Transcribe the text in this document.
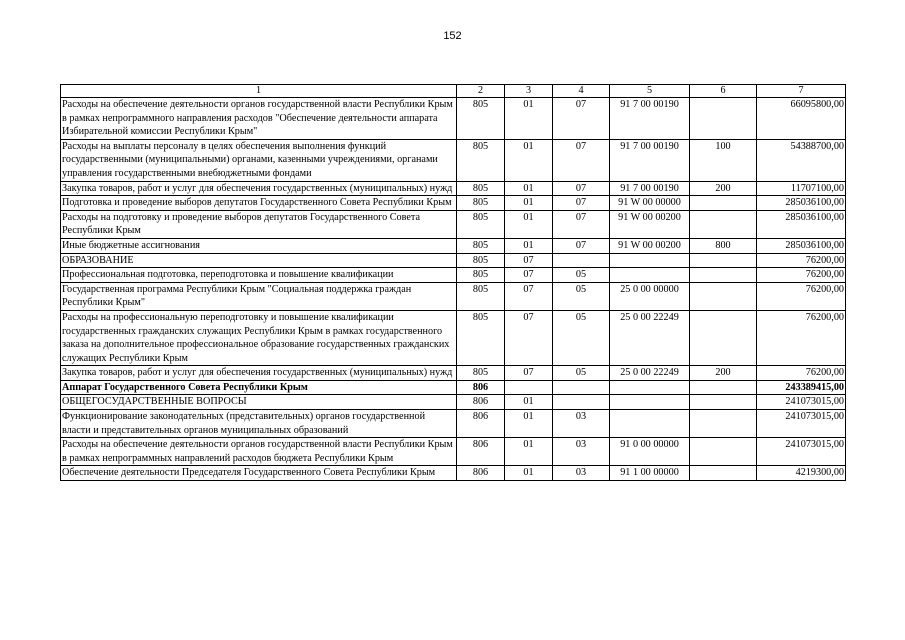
152
1	2	3	4	5	6	7
Расходы на обеспечение деятельности органов государственной власти Республики Крым в рамках непрограммного направления расходов "Обеспечение деятельности аппарата Избирательной комиссии Республики Крым"	805	01	07	91 7 00 00190		66095800,00
Расходы на выплаты персоналу в целях обеспечения выполнения функций государственными (муниципальными) органами, казенными учреждениями, органами управления государственными внебюджетными фондами	805	01	07	91 7 00 00190	100	54388700,00
Закупка товаров, работ и услуг для обеспечения государственных (муниципальных) нужд	805	01	07	91 7 00 00190	200	11707100,00
Подготовка и проведение выборов депутатов Государственного Совета Республики Крым	805	01	07	91 W 00 00000		285036100,00
Расходы на подготовку и проведение выборов депутатов Государственного Совета Республики Крым	805	01	07	91 W 00 00200		285036100,00
Иные бюджетные ассигнования	805	01	07	91 W 00 00200	800	285036100,00
ОБРАЗОВАНИЕ	805	07				76200,00
Профессиональная подготовка, переподготовка и повышение квалификации	805	07	05			76200,00
Государственная программа Республики Крым "Социальная поддержка граждан Республики Крым"	805	07	05	25 0 00 00000		76200,00
Расходы на профессиональную переподготовку и повышение квалификации государственных гражданских служащих Республики Крым в рамках государственного заказа на дополнительное профессиональное образование государственных гражданских служащих Республики Крым	805	07	05	25 0 00 22249		76200,00
Закупка товаров, работ и услуг для обеспечения государственных (муниципальных) нужд	805	07	05	25 0 00 22249	200	76200,00
Аппарат Государственного Совета Республики Крым	806					243389415,00
ОБЩЕГОСУДАРСТВЕННЫЕ ВОПРОСЫ	806	01				241073015,00
Функционирование законодательных (представительных) органов государственной власти и представительных органов муниципальных образований	806	01	03			241073015,00
Расходы на обеспечение деятельности органов государственной власти Республики Крым в рамках непрограммных направлений расходов бюджета Республики Крым	806	01	03	91 0 00 00000		241073015,00
Обеспечение деятельности Председателя Государственного Совета Республики Крым	806	01	03	91 1 00 00000		4219300,00
